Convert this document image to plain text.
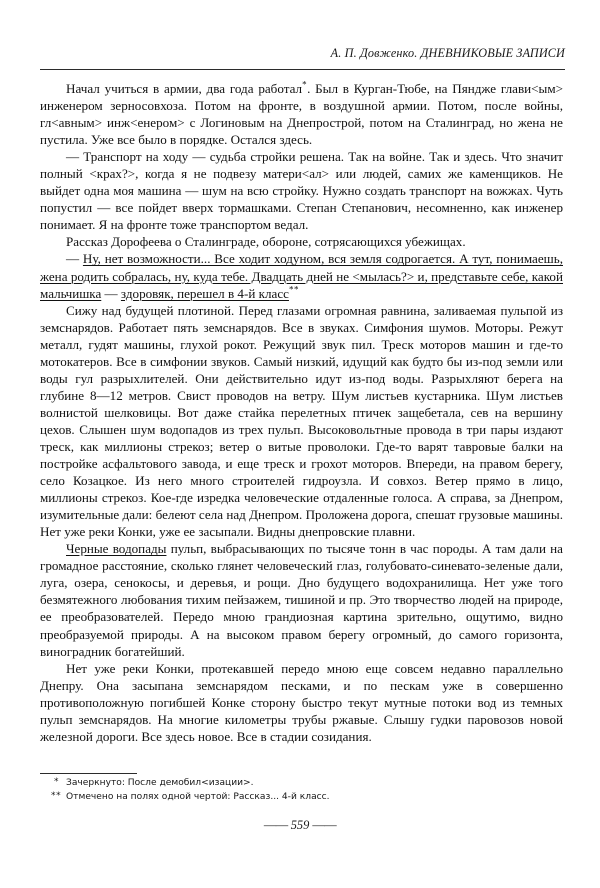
А. П. Довженко. ДНЕВНИКОВЫЕ ЗАПИСИ

Начал учиться в армии, два года работал*. Был в Курган-Тюбе, на Пяндже глави<ым> инженером зерносовхоза. Потом на фронте, в воздушной армии. Потом, после войны, гл<авным> инж<енером> с Логиновым на Днепрострой, потом на Сталинград, но жена не пустила. Уже все было в порядке. Остался здесь.

— Транспорт на ходу — судьба стройки решена. Так на войне. Так и здесь. Что значит полный <крах?>, когда я не подвезу матери<ал> или людей, самих же каменщиков. Не выйдет одна моя машина — шум на всю стройку. Нужно создать транспорт на вожжах. Чуть попустил — все пойдет вверх тормашками. Степан Степанович, несомненно, как инженер понимает. Я на фронте тоже транспортом ведал.

Рассказ Дорофеева о Сталинграде, обороне, сотрясающихся убежищах.

— Ну, нет возможности... Все ходит ходуном, вся земля содрогается. А тут, понимаешь, жена родить собралась, ну, куда тебе. Двадцать дней не <мылась?> и, представьте себе, какой мальчишка — здоровяк, перешел в 4-й класс**

Сижу над будущей плотиной. Перед глазами огромная равнина, заливаемая пульпой из земснарядов. Работает пять земснарядов. Все в звуках. Симфония шумов. Моторы. Режут металл, гудят машины, глухой рокот. Режущий звук пил. Треск моторов машин и где-то мотокатеров. Все в симфонии звуков. Самый низкий, идущий как будто бы из-под земли или воды гул разрыхлителей. Они действительно идут из-под воды. Разрыхляют берега на глубине 8—12 метров. Свист проводов на ветру. Шум листьев кустарника. Шум листьев волнистой шелковицы. Вот даже стайка перелетных птичек защебетала, сев на вершину цехов. Слышен шум водопадов из трех пульп. Высоковольтные провода в три пары издают треск, как миллионы стрекоз; ветер о витые проволоки. Где-то варят тавровые балки на постройке асфальтового завода, и еще треск и грохот моторов. Впереди, на правом берегу, село Козацкое. Из него много строителей гидроузла. И совхоз. Ветер прямо в лицо, миллионы стрекоз. Кое-где изредка человеческие отдаленные голоса. А справа, за Днепром, изумительные дали: белеют села над Днепром. Проложена дорога, спешат грузовые машины. Нет уже реки Конки, уже ее засыпали. Видны днепровские плавни.

Черные водопады пульп, выбрасывающих по тысяче тонн в час породы. А там дали на громадное расстояние, сколько глянет человеческий глаз, голубовато-синевато-зеленые дали, луга, озера, сенокосы, и деревья, и рощи. Дно будущего водохранилища. Нет уже того безмятежного любования тихим пейзажем, тишиной и пр. Это творчество людей на природе, ее преобразователей. Передо мною грандиозная картина зрительно, ощутимо, видно преобразуемой природы. А на высоком правом берегу огромный, до самого горизонта, виноградник богатейший.

Нет уже реки Конки, протекавшей передо мною еще совсем недавно параллельно Днепру. Она засыпана земснарядом песками, и по пескам уже в совершенно противоположную погибшей Конке сторону быстро текут мутные потоки вод из темных пульп земснарядов. На многие километры трубы ржавые. Слышу гудки паровозов новой железной дороги. Все здесь новое. Все в стадии созидания.

* Зачеркнуто: После демобил<изации>.

** Отмечено на полях одной чертой: Рассказ... 4-й класс.

—— 559 ——
